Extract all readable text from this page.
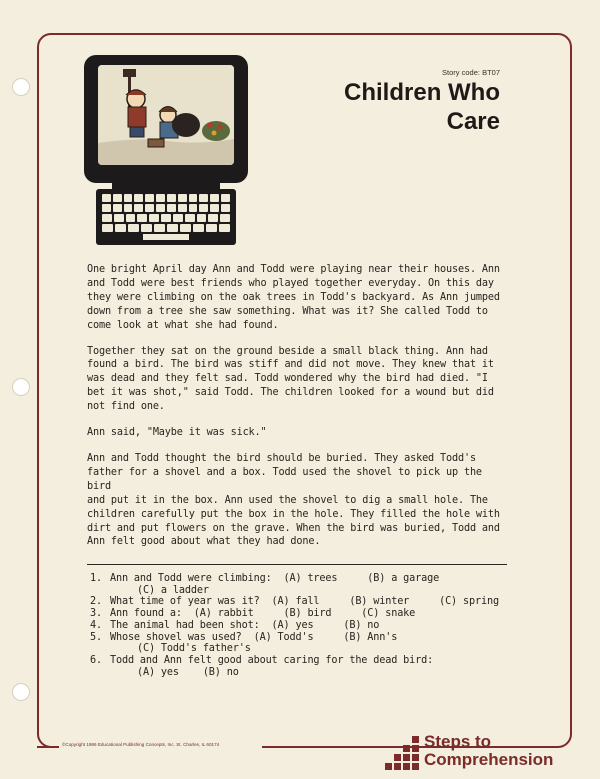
©Copyright 1986 Educational Publishing Concepts, Inc. St. Charles, IL 60174
Story code: BT07
Children Who
Care

One bright April day Ann and Todd were playing near their houses. Ann
and Todd were best friends who played together everyday. On this day
they were climbing on the oak trees in Todd's backyard. As Ann jumped
down from a tree she saw something. What was it? She called Todd to
come look at what she had found.

Together they sat on the ground beside a small black thing. Ann had
found a bird. The bird was stiff and did not move. They knew that it
was dead and they felt sad. Todd wondered why the bird had died. "I
bet it was shot," said Todd. The children looked for a wound but did
not find one.

Ann said, "Maybe it was sick."

Ann and Todd thought the bird should be buried. They asked Todd's
father for a shovel and a box. Todd used the shovel to pick up the bird
and put it in the box. Ann used the shovel to dig a small hole. The
children carefully put the box in the hole. They filled the hole with
dirt and put flowers on the grave. When the bird was buried, Todd and
Ann felt good about what they had done.

1. Ann and Todd were climbing:  (A) trees     (B) a garage
(C) a ladder
2. What time of year was it?  (A) fall     (B) winter     (C) spring
3. Ann found a:  (A) rabbit     (B) bird     (C) snake
4. The animal had been shot:  (A) yes     (B) no
5. Whose shovel was used?  (A) Todd's     (B) Ann's
(C) Todd's father's
6. Todd and Ann felt good about caring for the dead bird:
(A) yes    (B) no
Steps to
Comprehension
